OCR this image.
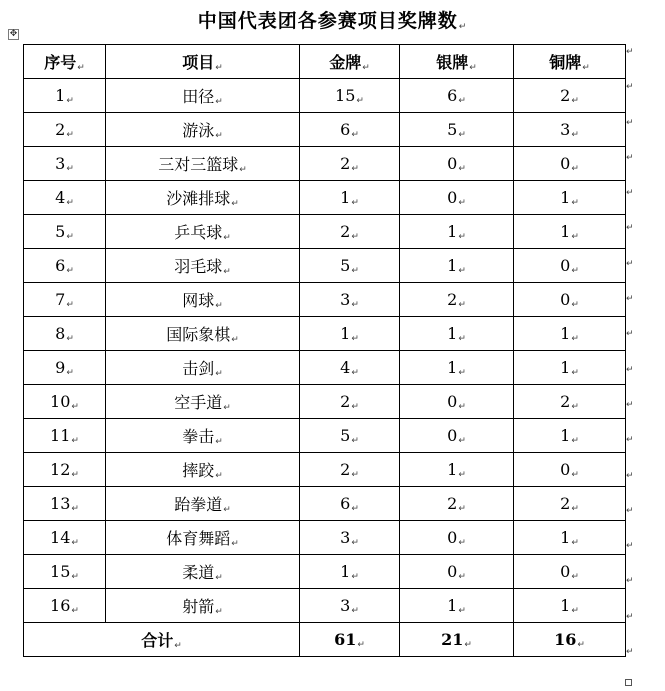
中国代表团各参赛项目奖牌数↵
✥
序号↵	项目↵	金牌↵	银牌↵	铜牌↵
1↵	田径↵	15↵	6↵	2↵
2↵	游泳↵	6↵	5↵	3↵
3↵	三对三篮球↵	2↵	0↵	0↵
4↵	沙滩排球↵	1↵	0↵	1↵
5↵	乒乓球↵	2↵	1↵	1↵
6↵	羽毛球↵	5↵	1↵	0↵
7↵	网球↵	3↵	2↵	0↵
8↵	国际象棋↵	1↵	1↵	1↵
9↵	击剑↵	4↵	1↵	1↵
10↵	空手道↵	2↵	0↵	2↵
11↵	拳击↵	5↵	0↵	1↵
12↵	摔跤↵	2↵	1↵	0↵
13↵	跆拳道↵	6↵	2↵	2↵
14↵	体育舞蹈↵	3↵	0↵	1↵
15↵	柔道↵	1↵	0↵	0↵
16↵	射箭↵	3↵	1↵	1↵
合计↵		61↵	21↵	16↵
↵
↵
↵
↵
↵
↵
↵
↵
↵
↵
↵
↵
↵
↵
↵
↵
↵
↵
